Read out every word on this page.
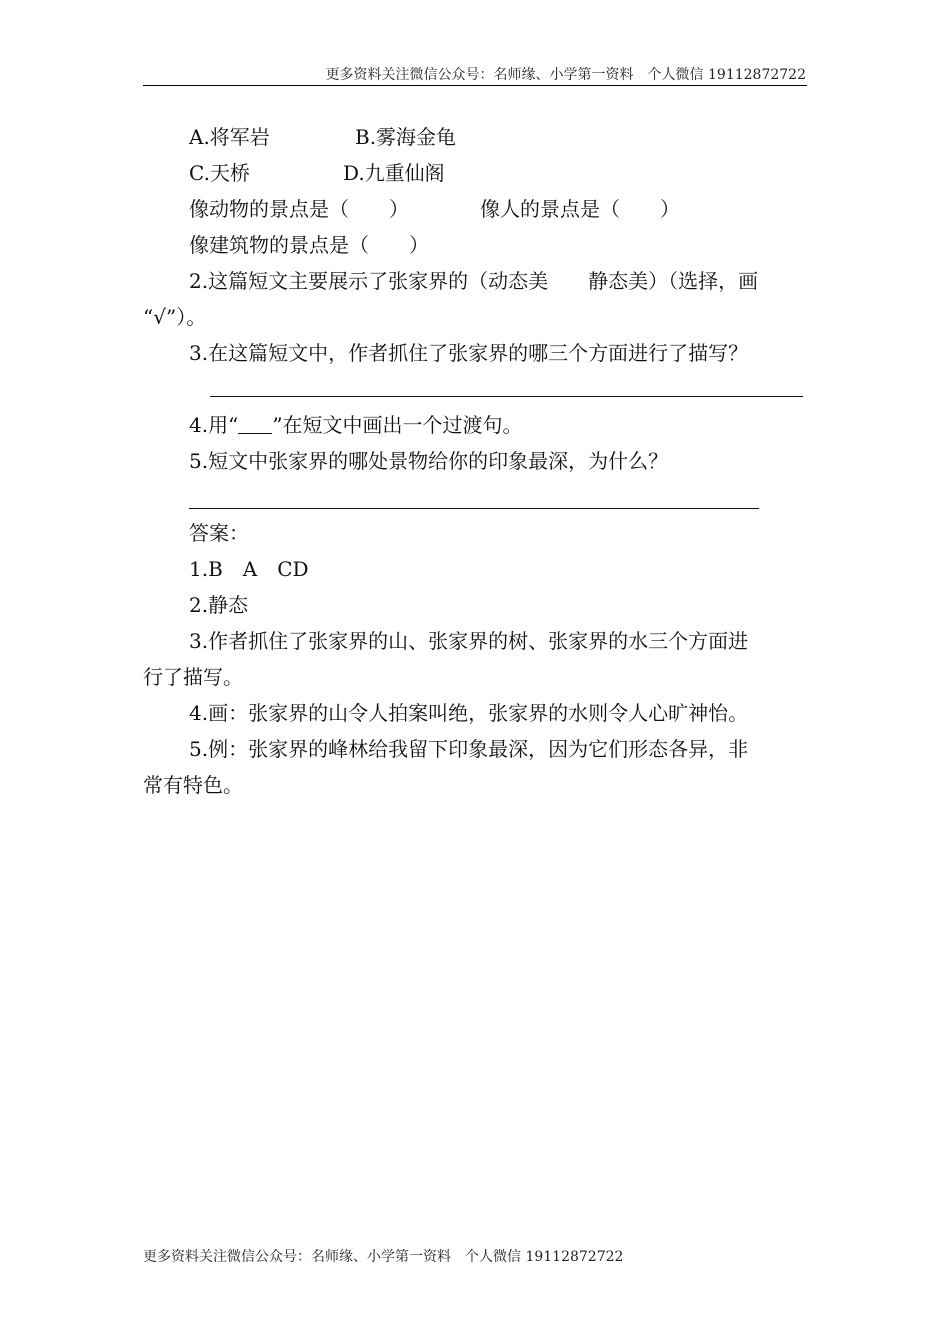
更多资料关注微信公众号：名师缘、小学第一资料　个人微信 19112872722
A.将军岩	B.雾海金龟
C.天桥	D.九重仙阁
像动物的景点是（　　）	像人的景点是（　　）
像建筑物的景点是（　　）
2.这篇短文主要展示了张家界的（动态美　　静态美）（选择，画
“√”）。
3.在这篇短文中，作者抓住了张家界的哪三个方面进行了描写？
4.用“ ”在短文中画出一个过渡句。
5.短文中张家界的哪处景物给你的印象最深，为什么？
答案：
1.B　A　CD
2.静态
3.作者抓住了张家界的山、张家界的树、张家界的水三个方面进
行了描写。
4.画：张家界的山令人拍案叫绝，张家界的水则令人心旷神怡。
5.例：张家界的峰林给我留下印象最深，因为它们形态各异，非
常有特色。
更多资料关注微信公众号：名师缘、小学第一资料　个人微信 19112872722
